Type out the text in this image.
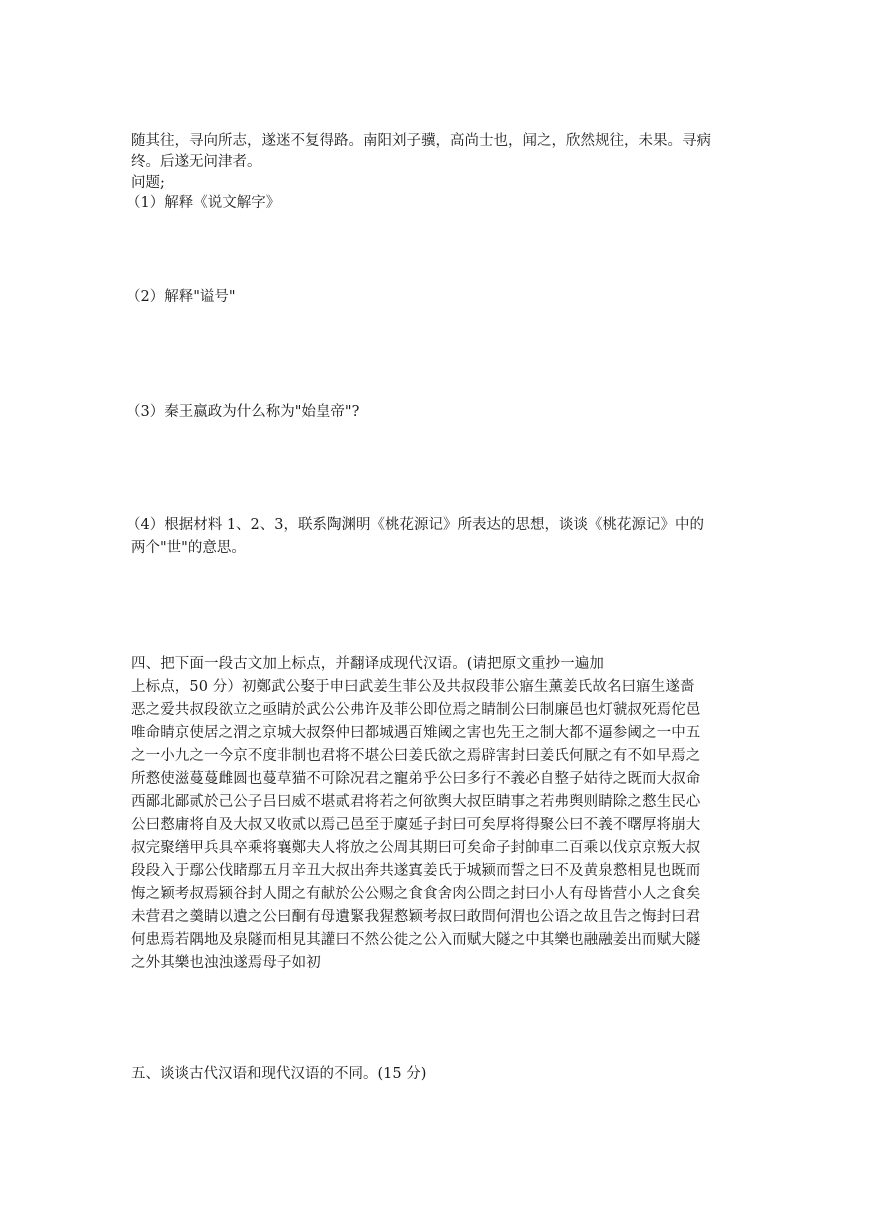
随其往，寻向所志，遂迷不复得路。南阳刘子骥，高尚士也，闻之，欣然规往，未果。寻病
终。后遂无问津者。
问题;
（1）解释《说文解字》
（2）解释"谥号"
（3）秦王嬴政为什么称为"始皇帝"?
（4）根据材料 1、2、3，联系陶渊明《桃花源记》所表达的思想，谈谈《桃花源记》中的
两个"世"的意思。
四、把下面一段古文加上标点，并翻译成现代汉语。(请把原文重抄一遍加
上标点，50 分）初鄭武公娶于申曰武姜生菲公及共叔段菲公寤生薰姜氏故名曰寤生遂嗇
恶之爱共叔段欲立之亟睛於武公公弗许及菲公即位焉之睛制公曰制廉邑也灯虢叔死焉佗邑
唯命睛京使居之渭之京城大叔祭仲曰都城遇百雉阈之害也先王之制大都不逼参阈之一中五
之一小九之一今京不度非制也君将不堪公曰姜氏欲之焉辟害封曰姜氏何厭之有不如早焉之
所慦使滋蔓蔓雌圆也蔓草猫不可除况君之寵弟乎公曰多行不義必自整子姑待之既而大叔命
西鄙北鄙贰於己公子吕曰威不堪贰君将若之何欲舆大叔臣睛事之若弗舆则睛除之慦生民心
公曰慦庸将自及大叔又收贰以焉己邑至于廩延子封曰可矣厚将得聚公曰不義不曙厚将崩大
叔完聚缮甲兵具卒乘将襄鄭夫人将放之公周其期曰可矣命子封帥車二百乘以伐京京叛大叔
段段入于鄢公伐睹鄢五月辛丑大叔出奔共遂寘姜氏于城颍而誓之曰不及黄泉慦相見也既而
悔之颖考叔焉颍谷封人閒之有献於公公赐之食食舍肉公問之封曰小人有母皆营小人之食矣
未营君之羹睛以遺之公曰酮有母遺緊我猩慦颖考叔曰敢問何渭也公语之故且告之悔封曰君
何患焉若隅地及泉隧而相見其讙曰不然公徙之公入而赋大隧之中其樂也融融姜出而赋大隧
之外其樂也浊浊遂焉母子如初
五、谈谈古代汉语和现代汉语的不同。(15 分)
